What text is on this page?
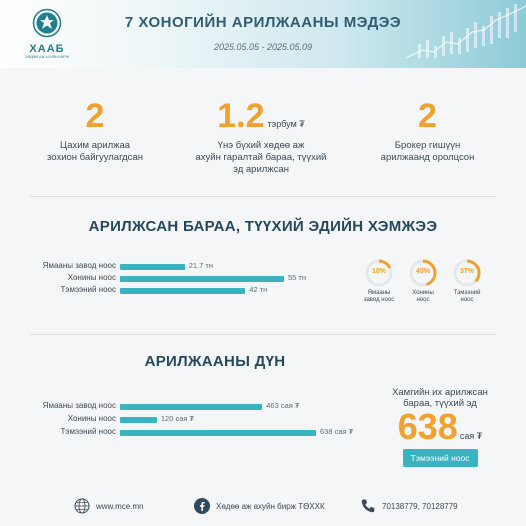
ХААБ
ХӨДӨӨ АЖ АХУЙН БИРЖ
7 ХОНОГИЙН АРИЛЖААНЫ МЭДЭЭ
2025.05.05 - 2025.05.09
2
Цахим арилжаа
зохион байгуулагдсан
1.2 тэрбум ₮
Үнэ бүхий хөдөө аж
ахуйн гаралтай бараа, түүхий
эд арилжсан
2
Брокер гишүүн
арилжаанд оролцсон
АРИЛЖСАН БАРАА, ТҮҮХИЙ ЭДИЙН ХЭМЖЭЭ
Ямааны завод ноос	21.7 тн
Хонины ноос	55 тн
Тэмээний ноос	42 тн
18%
Ямааны
завод ноос
45%
Хонины
ноос
37%
Тэмээний
ноос
АРИЛЖААНЫ ДҮН
Ямааны завод ноос	463 сая ₮
Хонины ноос	120 сая ₮
Тэмээний ноос	638 сая ₮
Хамгийн их арилжсан
бараа, түүхий эд
638 сая ₮
Тэмээний ноос
www.mce.mn	Хөдөө аж ахуйн бирж ТӨХХК	70138779, 70128779
